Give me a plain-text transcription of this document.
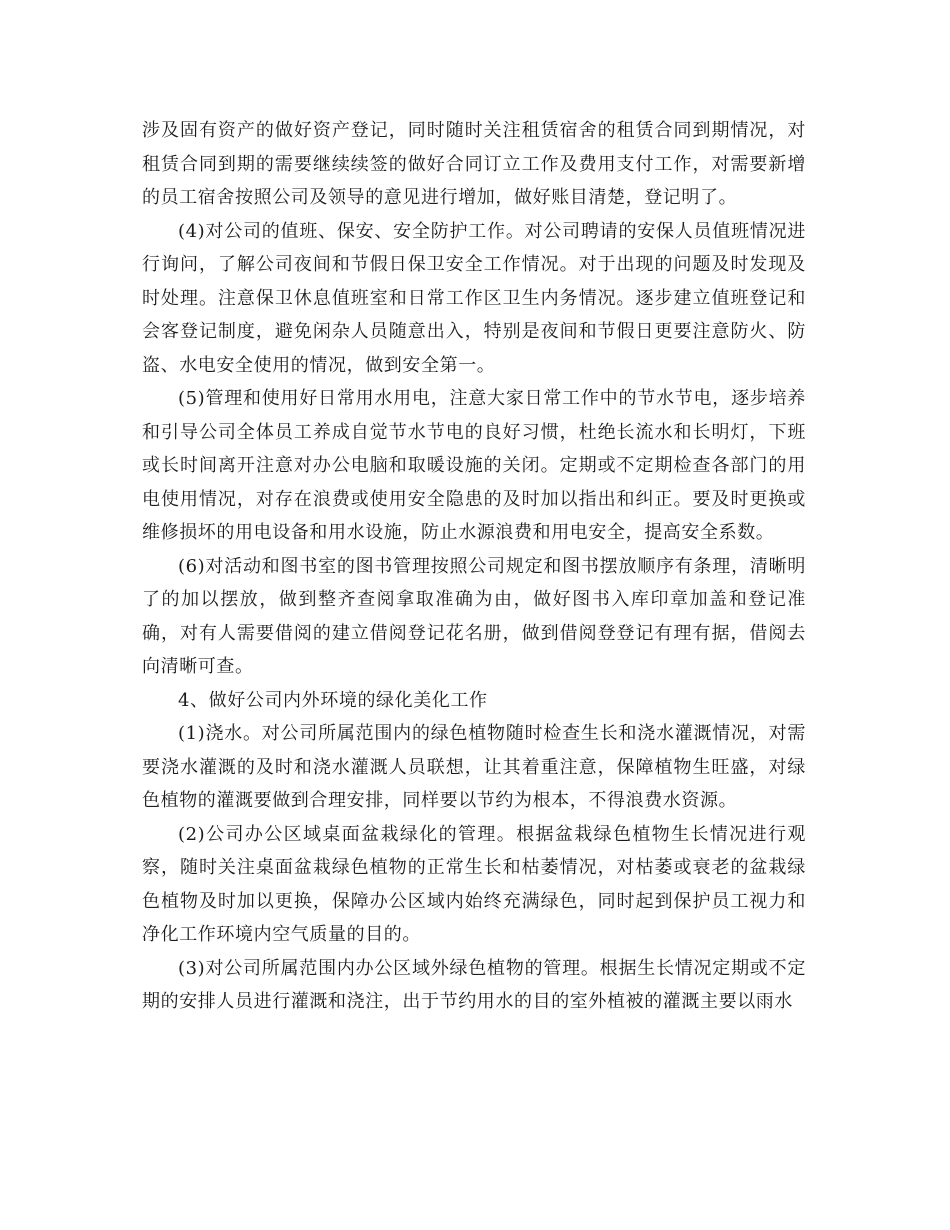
涉及固有资产的做好资产登记，同时随时关注租赁宿舍的租赁合同到期情况，对租赁合同到期的需要继续续签的做好合同订立工作及费用支付工作，对需要新增的员工宿舍按照公司及领导的意见进行增加，做好账目清楚，登记明了。

(4)对公司的值班、保安、安全防护工作。对公司聘请的安保人员值班情况进行询问，了解公司夜间和节假日保卫安全工作情况。对于出现的问题及时发现及时处理。注意保卫休息值班室和日常工作区卫生内务情况。逐步建立值班登记和会客登记制度，避免闲杂人员随意出入，特别是夜间和节假日更要注意防火、防盗、水电安全使用的情况，做到安全第一。

(5)管理和使用好日常用水用电，注意大家日常工作中的节水节电，逐步培养和引导公司全体员工养成自觉节水节电的良好习惯，杜绝长流水和长明灯，下班或长时间离开注意对办公电脑和取暖设施的关闭。定期或不定期检查各部门的用电使用情况，对存在浪费或使用安全隐患的及时加以指出和纠正。要及时更换或维修损坏的用电设备和用水设施，防止水源浪费和用电安全，提高安全系数。

(6)对活动和图书室的图书管理按照公司规定和图书摆放顺序有条理，清晰明了的加以摆放，做到整齐查阅拿取准确为由，做好图书入库印章加盖和登记准确，对有人需要借阅的建立借阅登记花名册，做到借阅登登记有理有据，借阅去向清晰可查。

4、做好公司内外环境的绿化美化工作

(1)浇水。对公司所属范围内的绿色植物随时检查生长和浇水灌溉情况，对需要浇水灌溉的及时和浇水灌溉人员联想，让其着重注意，保障植物生旺盛，对绿色植物的灌溉要做到合理安排，同样要以节约为根本，不得浪费水资源。

(2)公司办公区域桌面盆栽绿化的管理。根据盆栽绿色植物生长情况进行观察，随时关注桌面盆栽绿色植物的正常生长和枯萎情况，对枯萎或衰老的盆栽绿色植物及时加以更换，保障办公区域内始终充满绿色，同时起到保护员工视力和净化工作环境内空气质量的目的。

(3)对公司所属范围内办公区域外绿色植物的管理。根据生长情况定期或不定期的安排人员进行灌溉和浇注，出于节约用水的目的室外植被的灌溉主要以雨水
